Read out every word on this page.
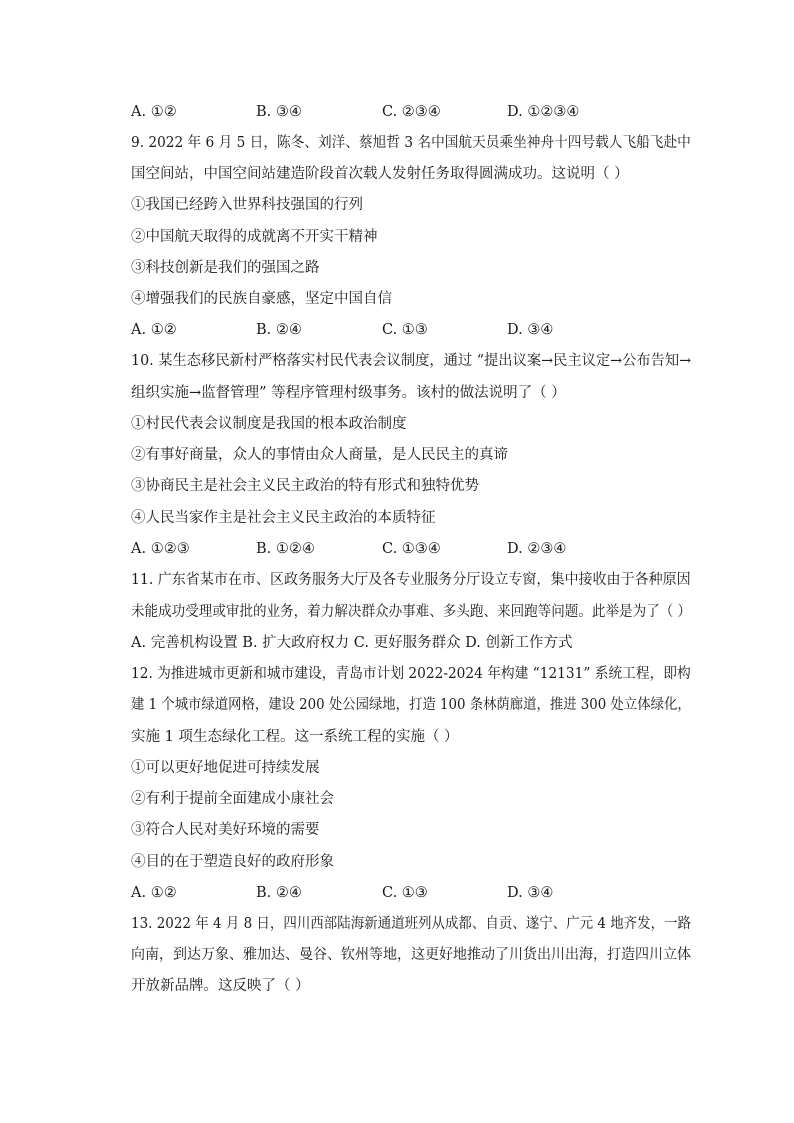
A. ①②	B. ③④	C. ②③④	D. ①②③④
9. 2022 年 6 月 5 日，陈冬、刘洋、蔡旭哲 3 名中国航天员乘坐神舟十四号载人飞船飞赴中
国空间站，中国空间站建造阶段首次载人发射任务取得圆满成功。这说明（ ）
①我国已经跨入世界科技强国的行列
②中国航天取得的成就离不开实干精神
③科技创新是我们的强国之路
④增强我们的民族自豪感，坚定中国自信
A. ①②	B. ②④	C. ①③	D. ③④
10. 某生态移民新村严格落实村民代表会议制度，通过 “提出议案→民主议定→公布告知→
组织实施→监督管理” 等程序管理村级事务。该村的做法说明了（ ）
①村民代表会议制度是我国的根本政治制度
②有事好商量，众人的事情由众人商量，是人民民主的真谛
③协商民主是社会主义民主政治的特有形式和独特优势
④人民当家作主是社会主义民主政治的本质特征
A. ①②③	B. ①②④	C. ①③④	D. ②③④
11. 广东省某市在市、区政务服务大厅及各专业服务分厅设立专窗，集中接收由于各种原因
未能成功受理或审批的业务，着力解决群众办事难、多头跑、来回跑等问题。此举是为了（ ）
A. 完善机构设置 B. 扩大政府权力 C. 更好服务群众 D. 创新工作方式
12. 为推进城市更新和城市建设，青岛市计划 2022-2024 年构建 “12131” 系统工程，即构
建 1 个城市绿道网格，建设 200 处公园绿地，打造 100 条林荫廊道，推进 300 处立体绿化，
实施 1 项生态绿化工程。这一系统工程的实施（ ）
①可以更好地促进可持续发展
②有利于提前全面建成小康社会
③符合人民对美好环境的需要
④目的在于塑造良好的政府形象
A. ①②	B. ②④	C. ①③	D. ③④
13. 2022 年 4 月 8 日，四川西部陆海新通道班列从成都、自贡、遂宁、广元 4 地齐发，一路
向南，到达万象、雅加达、曼谷、钦州等地，这更好地推动了川货出川出海，打造四川立体
开放新品牌。这反映了（ ）
